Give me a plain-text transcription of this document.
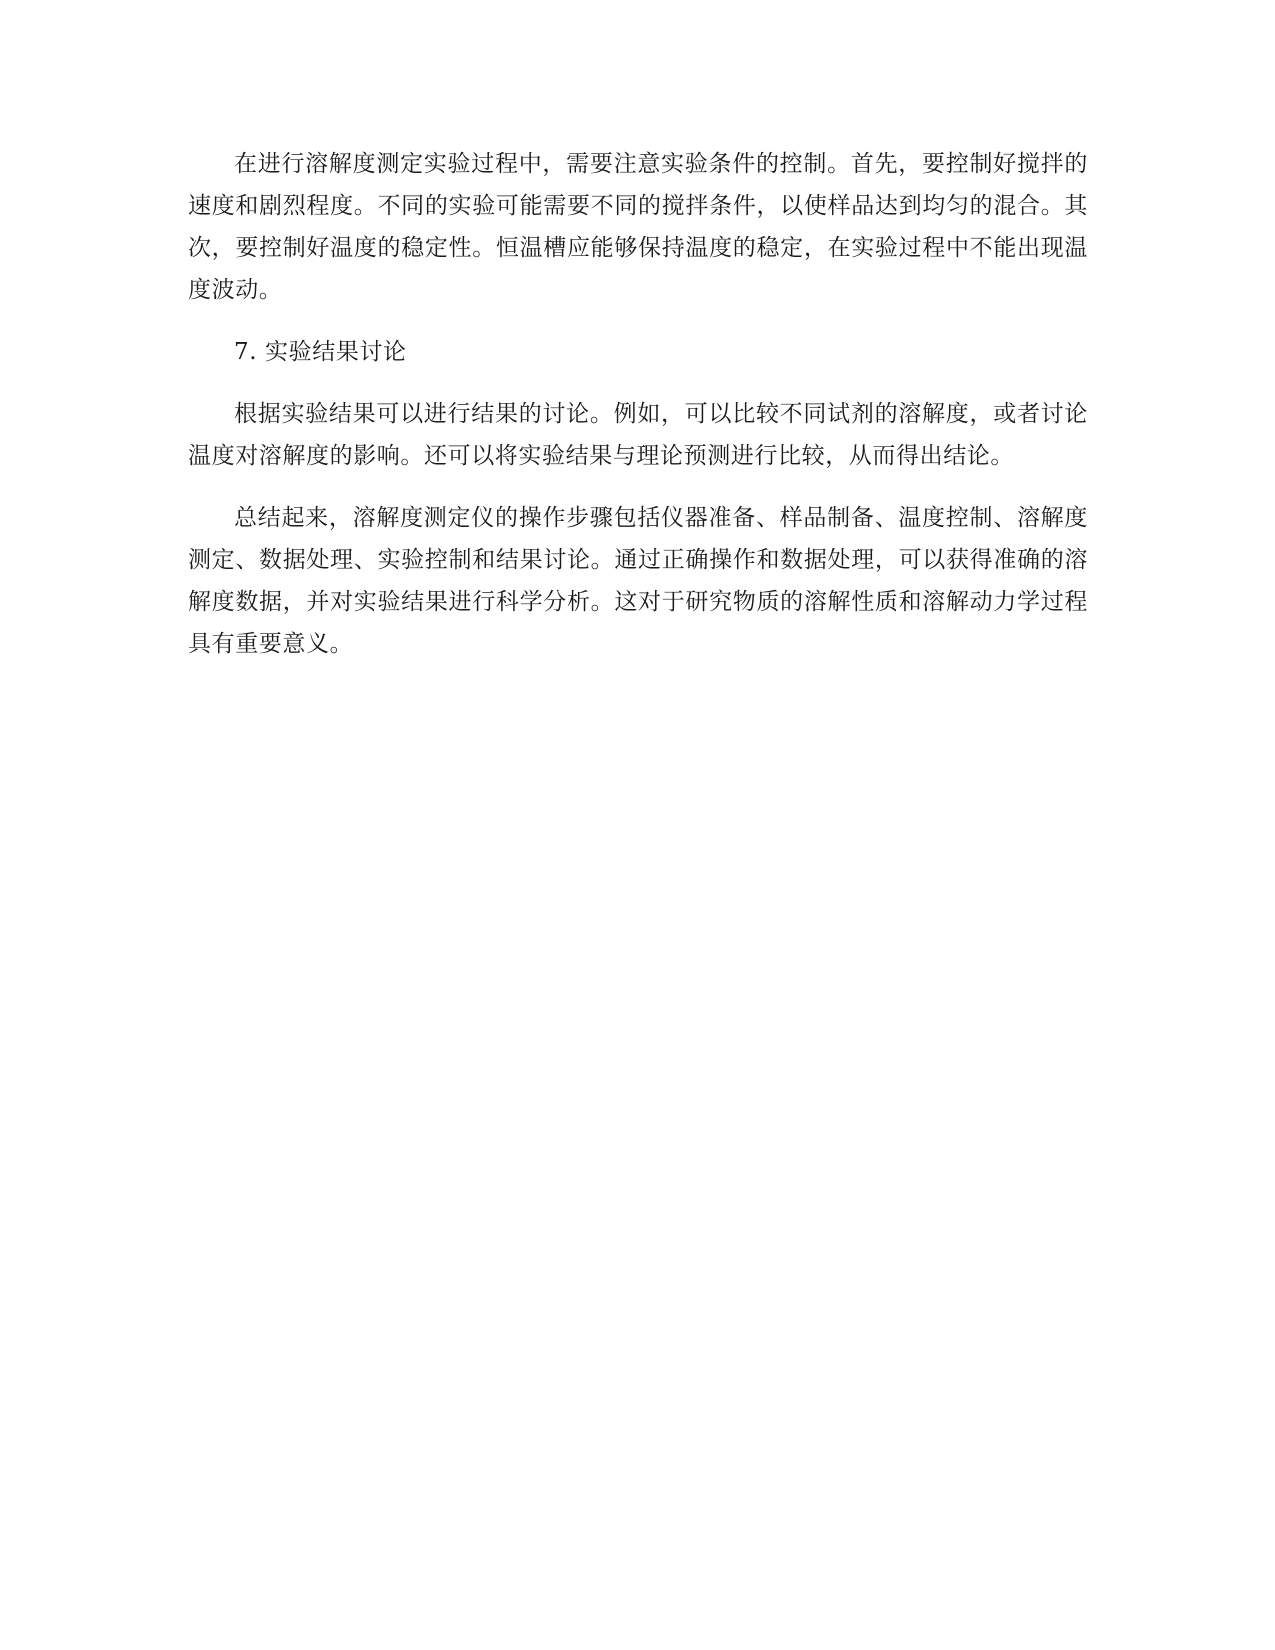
在进行溶解度测定实验过程中，需要注意实验条件的控制。首先，要控制好搅拌的速度和剧烈程度。不同的实验可能需要不同的搅拌条件，以使样品达到均匀的混合。其次，要控制好温度的稳定性。恒温槽应能够保持温度的稳定，在实验过程中不能出现温度波动。

7. 实验结果讨论

根据实验结果可以进行结果的讨论。例如，可以比较不同试剂的溶解度，或者讨论温度对溶解度的影响。还可以将实验结果与理论预测进行比较，从而得出结论。

总结起来，溶解度测定仪的操作步骤包括仪器准备、样品制备、温度控制、溶解度测定、数据处理、实验控制和结果讨论。通过正确操作和数据处理，可以获得准确的溶解度数据，并对实验结果进行科学分析。这对于研究物质的溶解性质和溶解动力学过程具有重要意义。
